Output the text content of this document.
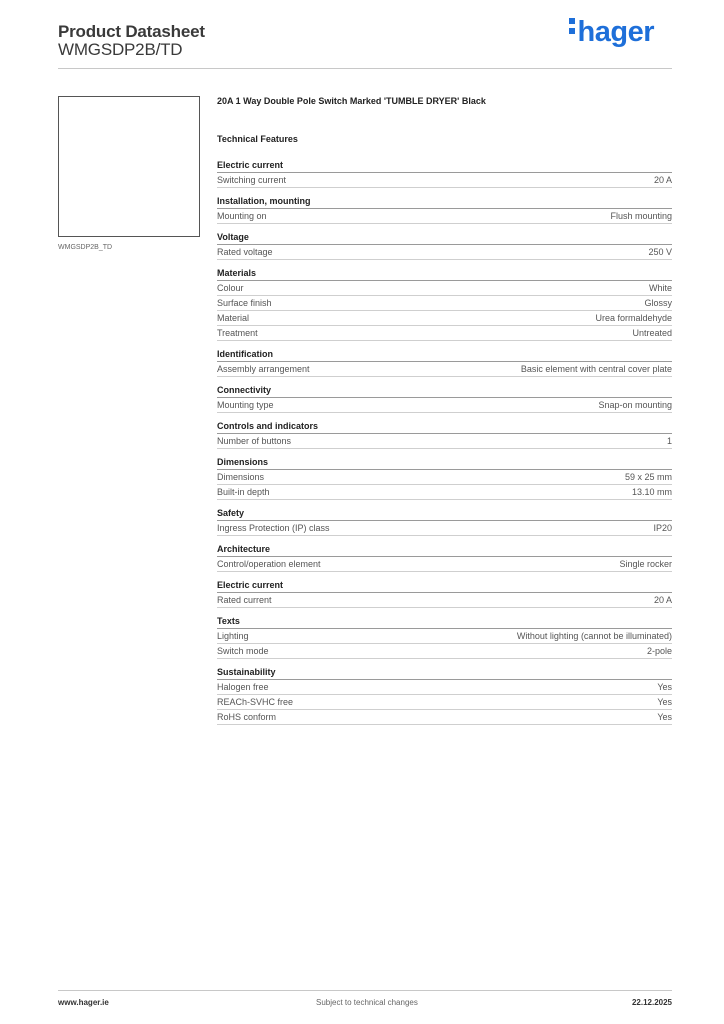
Product Datasheet
WMGSDP2B/TD
hager
WMGSDP2B_TD
20A 1 Way Double Pole Switch Marked 'TUMBLE DRYER' Black
Technical Features
Electric current
Switching current	20 A
Installation, mounting
Mounting on	Flush mounting
Voltage
Rated voltage	250 V
Materials
Colour	White
Surface finish	Glossy
Material	Urea formaldehyde
Treatment	Untreated
Identification
Assembly arrangement	Basic element with central cover plate
Connectivity
Mounting type	Snap-on mounting
Controls and indicators
Number of buttons	1
Dimensions
Dimensions	59 x 25 mm
Built-in depth	13.10 mm
Safety
Ingress Protection (IP) class	IP20
Architecture
Control/operation element	Single rocker
Electric current
Rated current	20 A
Texts
Lighting	Without lighting (cannot be illuminated)
Switch mode	2-pole
Sustainability
Halogen free	Yes
REACh-SVHC free	Yes
RoHS conform	Yes
www.hager.ie	Subject to technical changes	22.12.2025
